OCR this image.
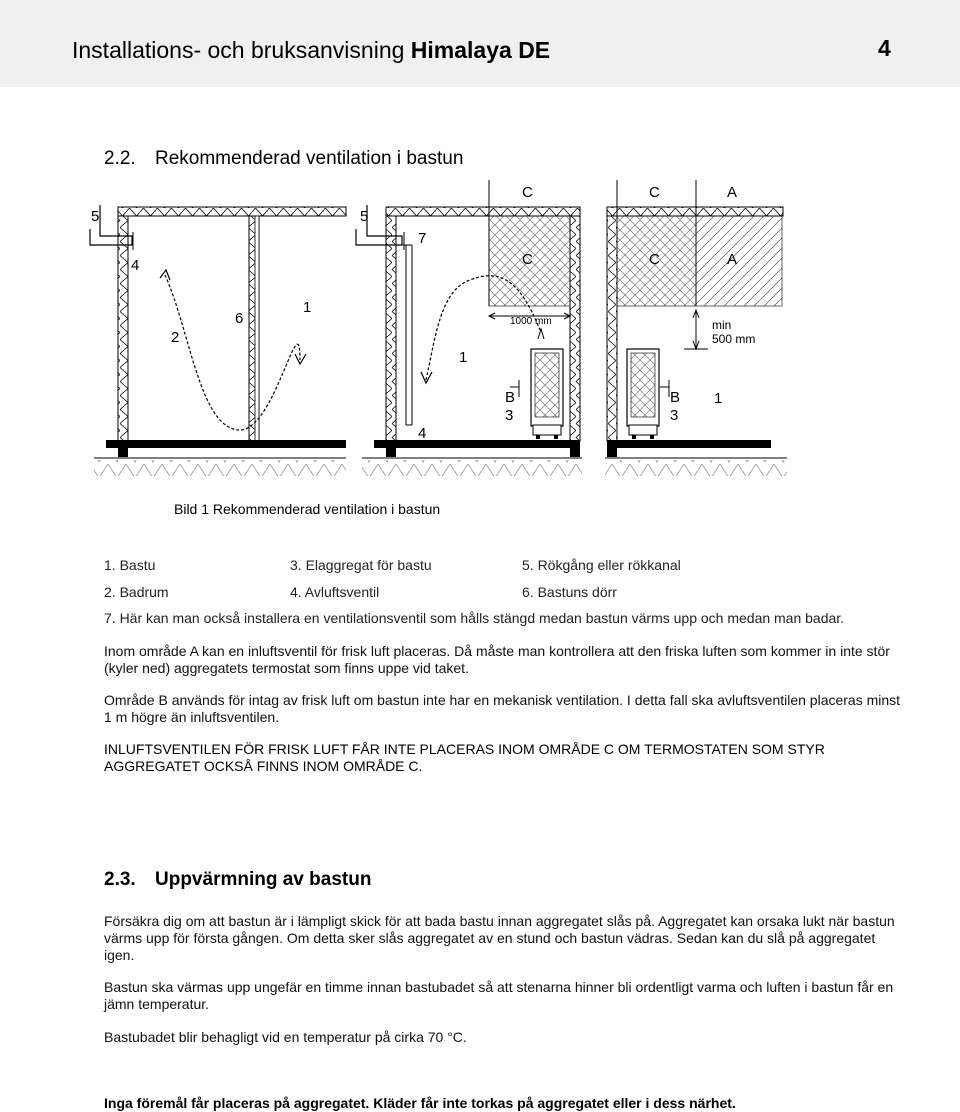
Installations- och bruksanvisning Himalaya DE	4
2.2. Rekommenderad ventilation i bastun
5
4
2
6
1
5
7
1
4
C
C
1000 mm
B
3
C	A
C	A
min
500 mm
B
3
1
Bild 1 Rekommenderad ventilation i bastun
1. Bastu	3. Elaggregat för bastu	5. Rökgång eller rökkanal
2. Badrum	4. Avluftsventil	6. Bastuns dörr
7. Här kan man också installera en ventilationsventil som hålls stängd medan bastun värms upp och medan man badar.
Inom område A kan en inluftsventil för frisk luft placeras. Då måste man kontrollera att den friska luften som kommer in inte stör (kyler ned) aggregatets termostat som finns uppe vid taket.
Område B används för intag av frisk luft om bastun inte har en mekanisk ventilation. I detta fall ska avluftsventilen placeras minst 1 m högre än inluftsventilen.
INLUFTSVENTILEN FÖR FRISK LUFT FÅR INTE PLACERAS INOM OMRÅDE C OM TERMOSTATEN SOM STYR AGGREGATET OCKSÅ FINNS INOM OMRÅDE C.
2.3. Uppvärmning av bastun
Försäkra dig om att bastun är i lämpligt skick för att bada bastu innan aggregatet slås på. Aggregatet kan orsaka lukt när bastun värms upp för första gången. Om detta sker slås aggregatet av en stund och bastun vädras. Sedan kan du slå på aggregatet igen.
Bastun ska värmas upp ungefär en timme innan bastubadet så att stenarna hinner bli ordentligt varma och luften i bastun får en jämn temperatur.
Bastubadet blir behagligt vid en temperatur på cirka 70 °C.
Inga föremål får placeras på aggregatet. Kläder får inte torkas på aggregatet eller i dess närhet.
